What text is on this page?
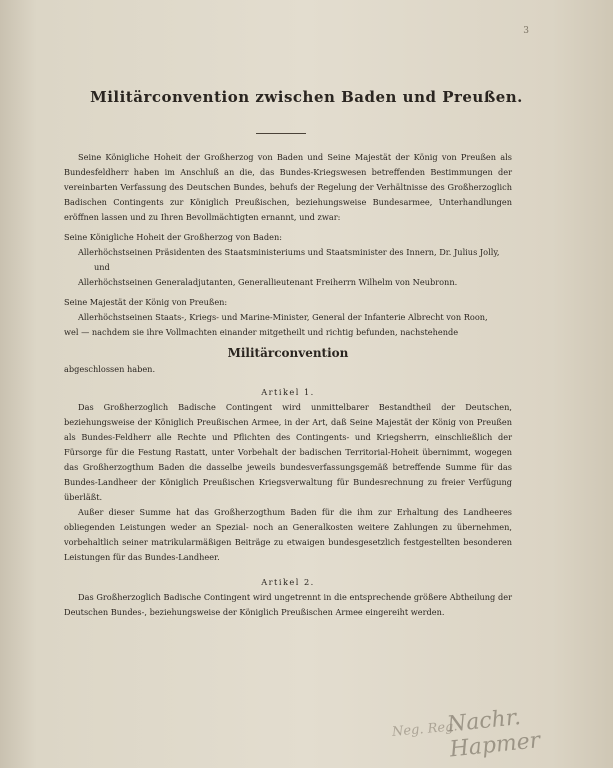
3
Militärconvention zwischen Baden und Preußen.

Seine Königliche Hoheit der Großherzog von Baden und Seine Majestät der König von Preußen als Bundesfeldherr haben im Anschluß an die, das Bundes-Kriegswesen betreffenden Bestimmungen der vereinbarten Verfassung des Deutschen Bundes, behufs der Regelung der Verhältnisse des Großherzoglich Badischen Contingents zur Königlich Preußischen, beziehungsweise Bundesarmee, Unterhandlungen eröffnen lassen und zu Ihren Bevollmächtigten ernannt, und zwar:

Seine Königliche Hoheit der Großherzog von Baden:

Allerhöchstseinen Präsidenten des Staatsministeriums und Staatsminister des Innern, Dr. Julius Jolly,

und

Allerhöchstseinen Generaladjutanten, Generallieutenant Freiherrn Wilhelm von Neubronn.

Seine Majestät der König von Preußen:

Allerhöchstseinen Staats-, Kriegs- und Marine-Minister, General der Infanterie Albrecht von Roon,

wel — nachdem sie ihre Vollmachten einander mitgetheilt und richtig befunden, nachstehende

Militärconvention

abgeschlossen haben.

Artikel 1.

Das Großherzoglich Badische Contingent wird unmittelbarer Bestandtheil der Deutschen, beziehungsweise der Königlich Preußischen Armee, in der Art, daß Seine Majestät der König von Preußen als Bundes-Feldherr alle Rechte und Pflichten des Contingents- und Kriegsherrn, einschließlich der Fürsorge für die Festung Rastatt, unter Vorbehalt der badischen Territorial-Hoheit übernimmt, wogegen das Großherzogthum Baden die dasselbe jeweils bundesverfassungsgemäß betreffende Summe für das Bundes-Landheer der Königlich Preußischen Kriegsverwaltung für Bundesrechnung zu freier Verfügung überläßt.

Außer dieser Summe hat das Großherzogthum Baden für die ihm zur Erhaltung des Landheeres obliegenden Leistungen weder an Spezial- noch an Generalkosten weitere Zahlungen zu übernehmen, vorbehaltlich seiner matrikularmäßigen Beiträge zu etwaigen bundesgesetzlich festgestellten besonderen Leistungen für das Bundes-Landheer.

Artikel 2.

Das Großherzoglich Badische Contingent wird ungetrennt in die entsprechende größere Abtheilung der Deutschen Bundes-, beziehungsweise der Königlich Preußischen Armee eingereiht werden.

Neg. Reg.
Nachr. Hapmer
